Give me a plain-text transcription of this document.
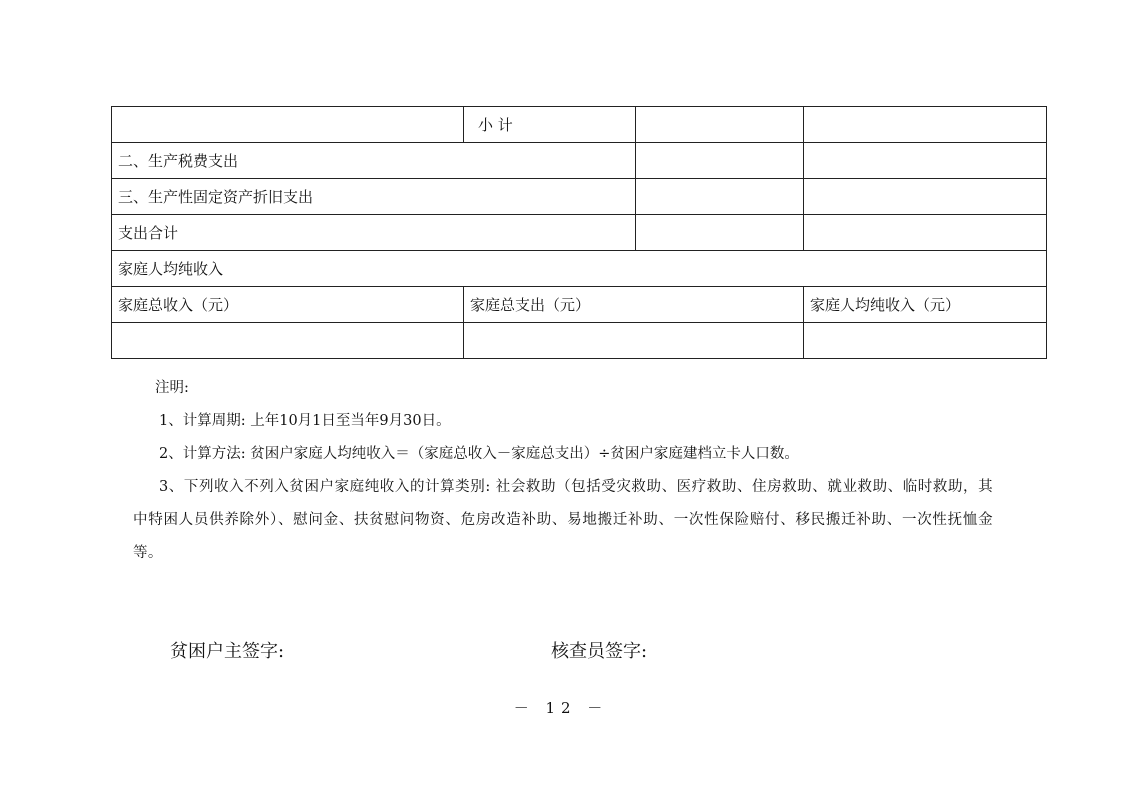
	小 计		
二、生产税费支出			
三、生产性固定资产折旧支出			
支出合计			
家庭人均纯收入			
家庭总收入（元）	家庭总支出（元）		家庭人均纯收入（元）

注明:

1、计算周期: 上年10月1日至当年9月30日。

2、计算方法: 贫困户家庭人均纯收入＝（家庭总收入－家庭总支出）÷贫困户家庭建档立卡人口数。

3、下列收入不列入贫困户家庭纯收入的计算类别: 社会救助（包括受灾救助、医疗救助、住房救助、就业救助、临时救助，其中特困人员供养除外）、慰问金、扶贫慰问物资、危房改造补助、易地搬迁补助、一次性保险赔付、移民搬迁补助、一次性抚恤金等。

贫困户主签字:	核查员签字:
－ 12 －
